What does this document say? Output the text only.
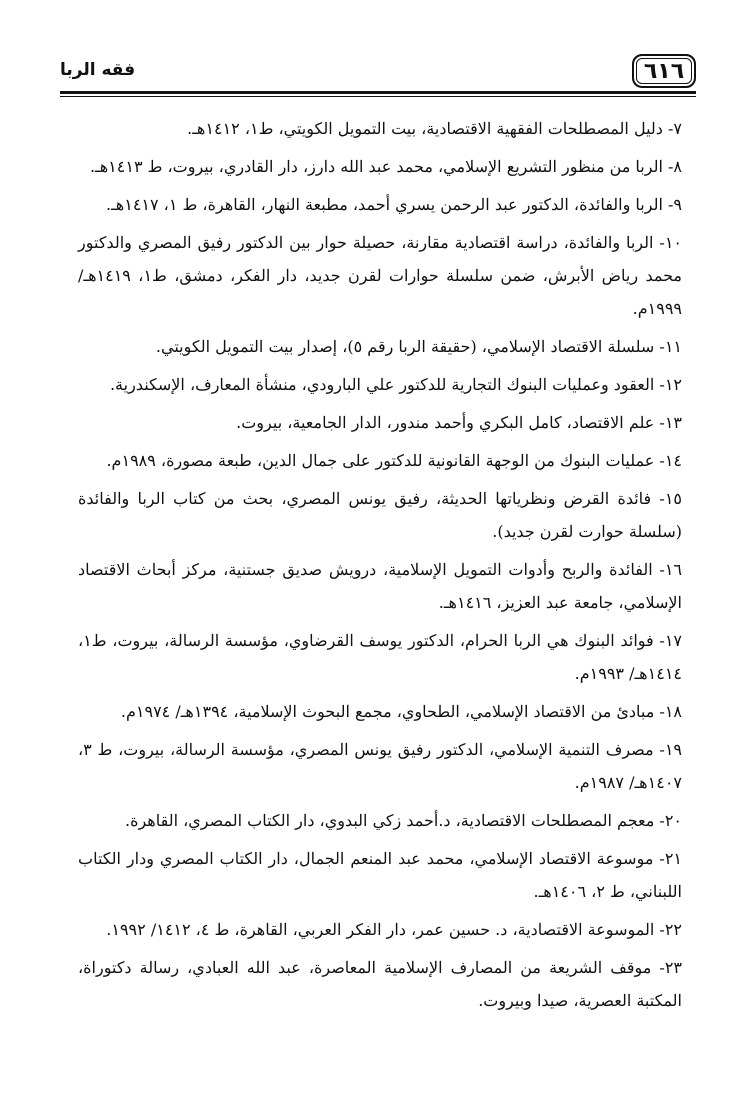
٦١٦
فقه الربا

٧- دليل المصطلحات الفقهية الاقتصادية، بيت التمويل الكويتي، ط١، ١٤١٢هـ.

٨- الربا من منظور التشريع الإسلامي، محمد عبد الله دارز، دار القادري، بيروت، ط ١٤١٣هـ.

٩- الربا والفائدة، الدكتور عبد الرحمن يسري أحمد، مطبعة النهار، القاهرة، ط ١، ١٤١٧هـ.

١٠- الربا والفائدة، دراسة اقتصادية مقارنة، حصيلة حوار بين الدكتور رفيق المصري والدكتور محمد رياض الأبرش، ضمن سلسلة حوارات لقرن جديد، دار الفكر، دمشق، ط١، ١٤١٩هـ/ ١٩٩٩م.

١١- سلسلة الاقتصاد الإسلامي، (حقيقة الربا رقم ٥)، إصدار بيت التمويل الكويتي.

١٢- العقود وعمليات البنوك التجارية للدكتور علي البارودي، منشأة المعارف، الإسكندرية.

١٣- علم الاقتصاد، كامل البكري وأحمد مندور، الدار الجامعية، بيروت.

١٤- عمليات البنوك من الوجهة القانونية للدكتور على جمال الدين، طبعة مصورة، ١٩٨٩م.

١٥- فائدة القرض ونظرياتها الحديثة، رفيق يونس المصري، بحث من كتاب الربا والفائدة (سلسلة حوارت لقرن جديد).

١٦- الفائدة والربح وأدوات التمويل الإسلامية، درويش صديق جستنية، مركز أبحاث الاقتصاد الإسلامي، جامعة عبد العزيز، ١٤١٦هـ.

١٧- فوائد البنوك هي الربا الحرام، الدكتور يوسف القرضاوي، مؤسسة الرسالة، بيروت، ط١، ١٤١٤هـ/ ١٩٩٣م.

١٨- مبادئ من الاقتصاد الإسلامي، الطحاوي، مجمع البحوث الإسلامية، ١٣٩٤هـ/ ١٩٧٤م.

١٩- مصرف التنمية الإسلامي، الدكتور رفيق يونس المصري، مؤسسة الرسالة، بيروت، ط ٣، ١٤٠٧هـ/ ١٩٨٧م.

٢٠- معجم المصطلحات الاقتصادية، د.أحمد زكي البدوي، دار الكتاب المصري، القاهرة.

٢١- موسوعة الاقتصاد الإسلامي، محمد عبد المنعم الجمال، دار الكتاب المصري ودار الكتاب اللبناني، ط ٢، ١٤٠٦هـ.

٢٢- الموسوعة الاقتصادية، د. حسين عمر، دار الفكر العربي، القاهرة، ط ٤، ١٤١٢/ ١٩٩٢.

٢٣- موقف الشريعة من المصارف الإسلامية المعاصرة، عبد الله العبادي، رسالة دكتوراة، المكتبة العصرية، صيدا وبيروت.
